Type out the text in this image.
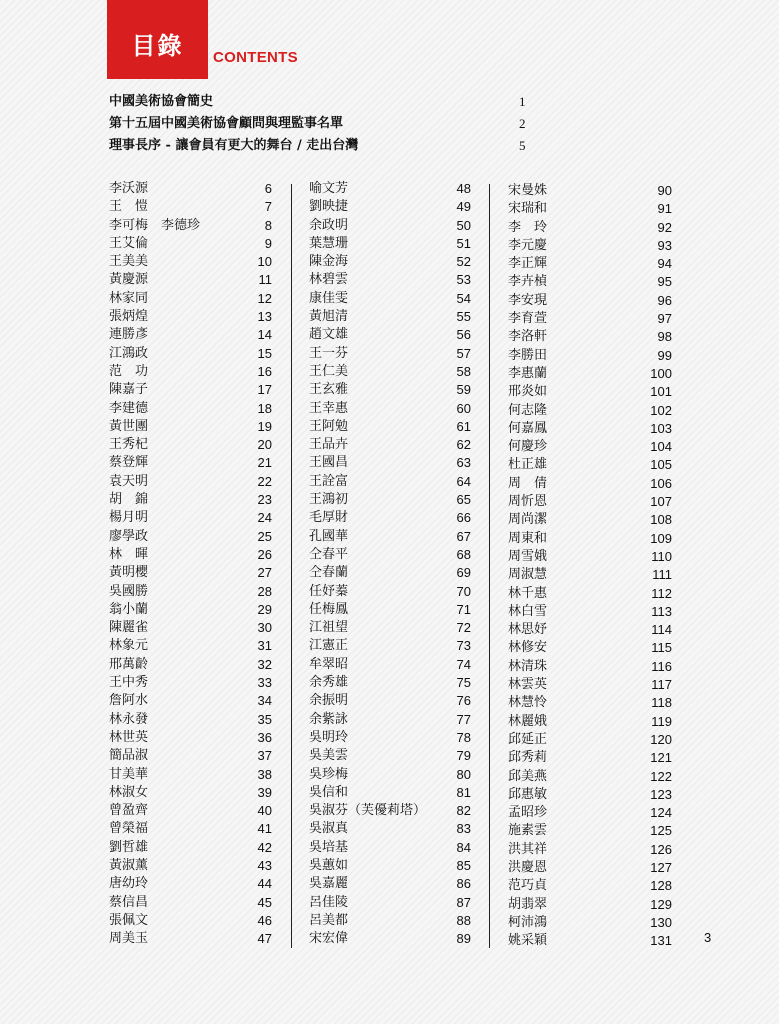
目錄	CONTENTS
中國美術協會簡史	1
第十五屆中國美術協會顧問與理監事名單	2
理事長序 - 讓會員有更大的舞台 / 走出台灣	5
李沃源	6
王　愷	7
李可梅　李德珍	8
王艾倫	9
王美美	10
黃慶源	11
林家同	12
張炳煌	13
連勝彥	14
江鴻政	15
范　功	16
陳嘉子	17
李建德	18
黃世團	19
王秀杞	20
蔡登輝	21
袁天明	22
胡　錦	23
楊月明	24
廖學政	25
林　暉	26
黃明櫻	27
吳國勝	28
翁小蘭	29
陳麗雀	30
林象元	31
邢萬齡	32
王中秀	33
詹阿水	34
林永發	35
林世英	36
簡品淑	37
甘美華	38
林淑女	39
曾盈齊	40
曾榮福	41
劉哲雄	42
黃淑薰	43
唐幼玲	44
蔡信昌	45
張佩文	46
周美玉	47
喻文芳	48
劉映捷	49
余政明	50
葉慧珊	51
陳金海	52
林碧雲	53
康佳雯	54
黃旭清	55
趙文雄	56
王一芬	57
王仁美	58
王玄雅	59
王幸惠	60
王阿勉	61
王品卉	62
王國昌	63
王詮富	64
王鴻初	65
毛厚財	66
孔國華	67
仝春平	68
仝春蘭	69
任妤蓁	70
任梅鳳	71
江祖望	72
江憲正	73
牟翠昭	74
余秀雄	75
余振明	76
余紫詠	77
吳明玲	78
吳美雲	79
吳珍梅	80
吳信和	81
吳淑芬（芙優莉塔） 82
吳淑真	83
吳培基	84
吳蕙如	85
吳嘉麗	86
呂佳陵	87
呂美都	88
宋宏偉	89
宋曼姝	90
宋瑞和	91
李　玲	92
李元慶	93
李正輝	94
李卉楨	95
李安現	96
李育萱	97
李洛軒	98
李勝田	99
李惠蘭	100
邢炎如	101
何志隆	102
何嘉鳳	103
何慶珍	104
杜正雄	105
周　倩	106
周忻恩	107
周尚潔	108
周東和	109
周雪娥	110
周淑慧	111
林千惠	112
林白雪	113
林思妤	114
林修安	115
林清珠	116
林雲英	117
林慧怜	118
林麗娥	119
邱延正	120
邱秀莉	121
邱美燕	122
邱惠敏	123
孟昭珍	124
施素雲	125
洪其祥	126
洪慶恩	127
范巧貞	128
胡翡翠	129
柯沛鴻	130
姚采穎	131 3
